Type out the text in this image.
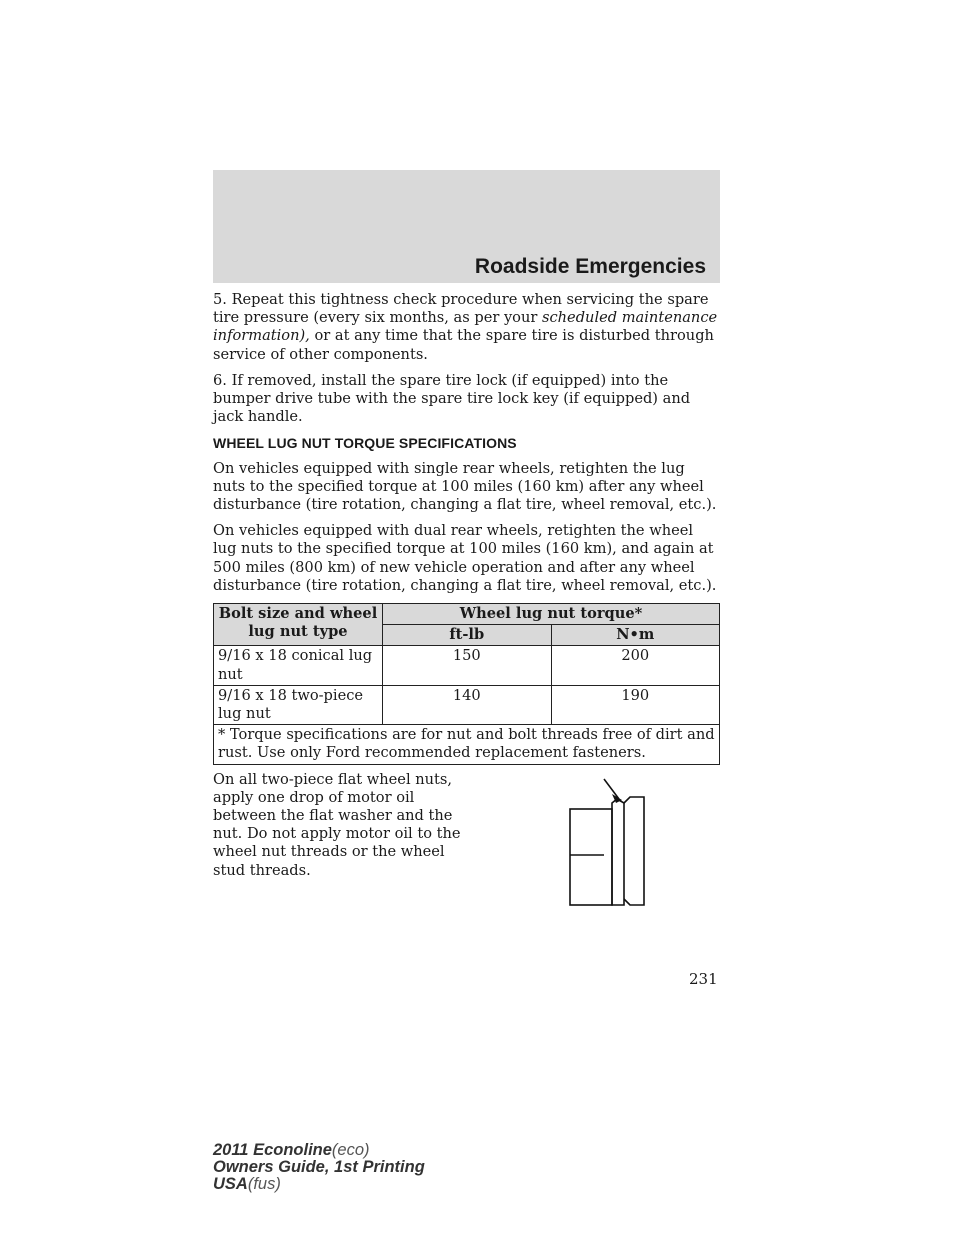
Roadside Emergencies

5. Repeat this tightness check procedure when servicing the spare tire pressure (every six months, as per your scheduled maintenance information), or at any time that the spare tire is disturbed through service of other components.

6. If removed, install the spare tire lock (if equipped) into the bumper drive tube with the spare tire lock key (if equipped) and jack handle.

WHEEL LUG NUT TORQUE SPECIFICATIONS

On vehicles equipped with single rear wheels, retighten the lug nuts to the specified torque at 100 miles (160 km) after any wheel disturbance (tire rotation, changing a flat tire, wheel removal, etc.).

On vehicles equipped with dual rear wheels, retighten the wheel lug nuts to the specified torque at 100 miles (160 km), and again at 500 miles (800 km) of new vehicle operation and after any wheel disturbance (tire rotation, changing a flat tire, wheel removal, etc.).

Bolt size and wheel lug nut type	Wheel lug nut torque*	
	ft-lb	N•m
9/16 x 18 conical lug nut	150	200
9/16 x 18 two-piece lug nut	140	190
* Torque specifications are for nut and bolt threads free of dirt and rust. Use only Ford recommended replacement fasteners.		

On all two-piece flat wheel nuts, apply one drop of motor oil between the flat washer and the nut. Do not apply motor oil to the wheel nut threads or the wheel stud threads.

231
2011 Econoline(eco)
Owners Guide, 1st Printing
USA(fus)
